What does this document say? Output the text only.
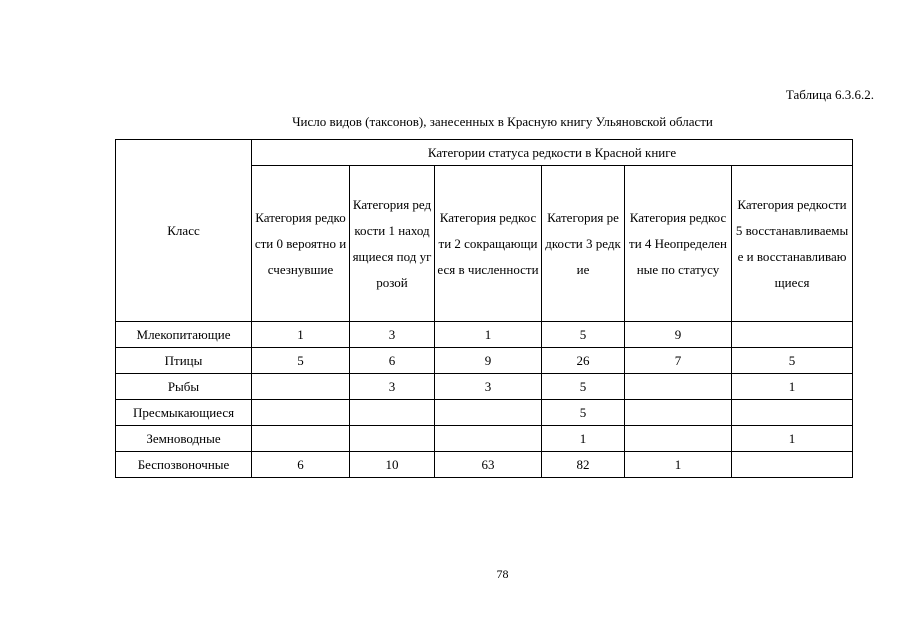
Таблица 6.3.6.2.
Число видов (таксонов), занесенных в Красную книгу Ульяновской области
Класс	Категории статуса редкости в Красной книге					
	Категория редкости 0 вероятно исчезнувшие	Категория редкости 1 находящиеся под угрозой	Категория редкости 2 сокращающиеся в численности	Категория редкости 3 редкие	Категория редкости 4 Неопределенные по статусу	Категория редкости 5 восстанавливаемые и восстанавливающиеся
Млекопитающие	1	3	1	5	9	
Птицы	5	6	9	26	7	5
Рыбы		3	3	5		1
Пресмыкающиеся				5		
Земноводные				1		1
Беспозвоночные	6	10	63	82	1	
78
